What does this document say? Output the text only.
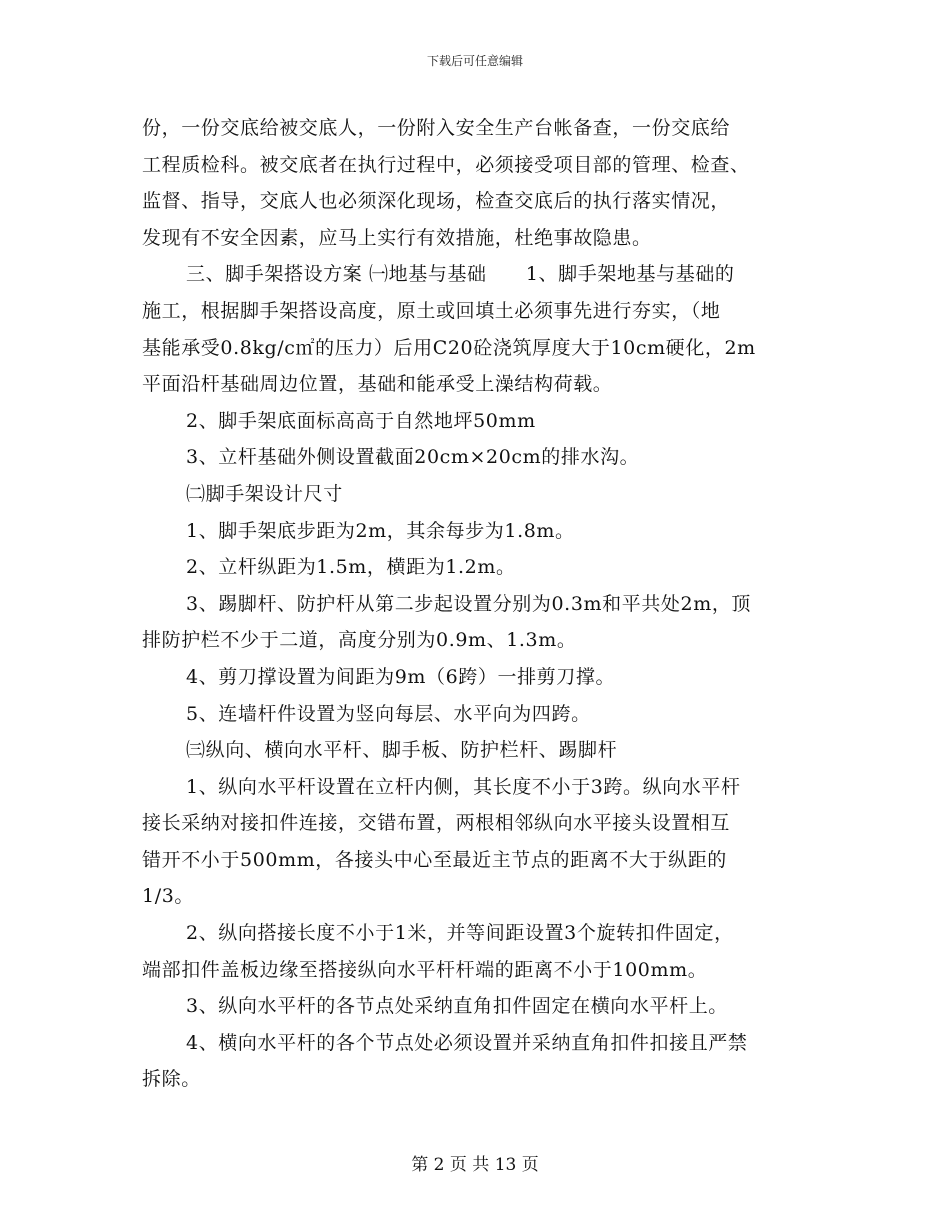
下载后可任意编辑
份，一份交底给被交底人，一份附入安全生产台帐备查，一份交底给
工程质检科。被交底者在执行过程中，必须接受项目部的管理、检查、
监督、指导，交底人也必须深化现场，检查交底后的执行落实情况，
发现有不安全因素，应马上实行有效措施，杜绝事故隐患。
三、脚手架搭设方案 ㈠地基与基础　　1、脚手架地基与基础的
施工，根据脚手架搭设高度，原土或回填土必须事先进行夯实，（地
基能承受0.8kg/c㎡的压力）后用C20砼浇筑厚度大于10cm硬化，2m
平面沿杆基础周边位置，基础和能承受上澡结构荷载。
2、脚手架底面标高高于自然地坪50mm
3、立杆基础外侧设置截面20cm×20cm的排水沟。
㈡脚手架设计尺寸
1、脚手架底步距为2m，其余每步为1.8m。
2、立杆纵距为1.5m，横距为1.2m。
3、踢脚杆、防护杆从第二步起设置分别为0.3m和平共处2m，顶
排防护栏不少于二道，高度分别为0.9m、1.3m。
4、剪刀撑设置为间距为9m（6跨）一排剪刀撑。
5、连墙杆件设置为竖向每层、水平向为四跨。
㈢纵向、横向水平杆、脚手板、防护栏杆、踢脚杆
1、纵向水平杆设置在立杆内侧，其长度不小于3跨。纵向水平杆
接长采纳对接扣件连接，交错布置，两根相邻纵向水平接头设置相互
错开不小于500mm，各接头中心至最近主节点的距离不大于纵距的
1/3。
2、纵向搭接长度不小于1米，并等间距设置3个旋转扣件固定，
端部扣件盖板边缘至搭接纵向水平杆杆端的距离不小于100mm。
3、纵向水平杆的各节点处采纳直角扣件固定在横向水平杆上。
4、横向水平杆的各个节点处必须设置并采纳直角扣件扣接且严禁
拆除。
第 2 页 共 13 页
